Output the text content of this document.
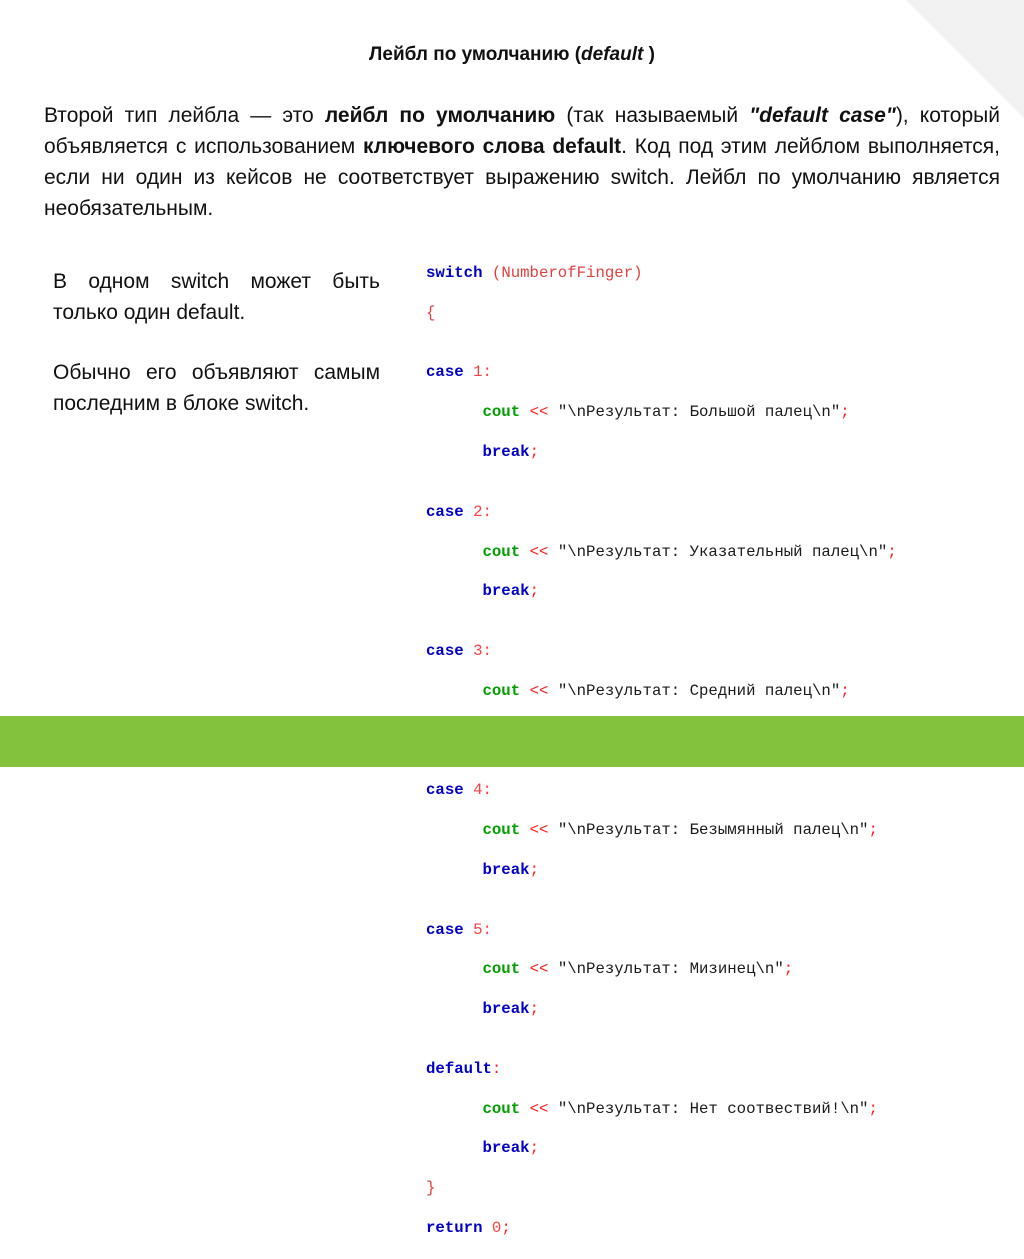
Лейбл по умолчанию (default )
Второй тип лейбла — это лейбл по умолчанию (так называемый "default case"), который объявляется с использованием ключевого слова default. Код под этим лейблом выполняется, если ни один из кейсов не соответствует выражению switch. Лейбл по умолчанию является необязательным.

В одном switch может быть только один default.

Обычно его объявляют самым последним в блоке switch.

switch (NumberofFinger)

{

case 1:

cout << "\nРезультат: Большой палец\n";

break;

case 2:

cout << "\nРезультат: Указательный палец\n";

break;

case 3:

cout << "\nРезультат: Средний палец\n";

case 4:

cout << "\nРезультат: Безымянный палец\n";

break;

case 5:

cout << "\nРезультат: Мизинец\n";

break;

default:

cout << "\nРезультат: Нет соотвествий!\n";

break;

}

return 0;
